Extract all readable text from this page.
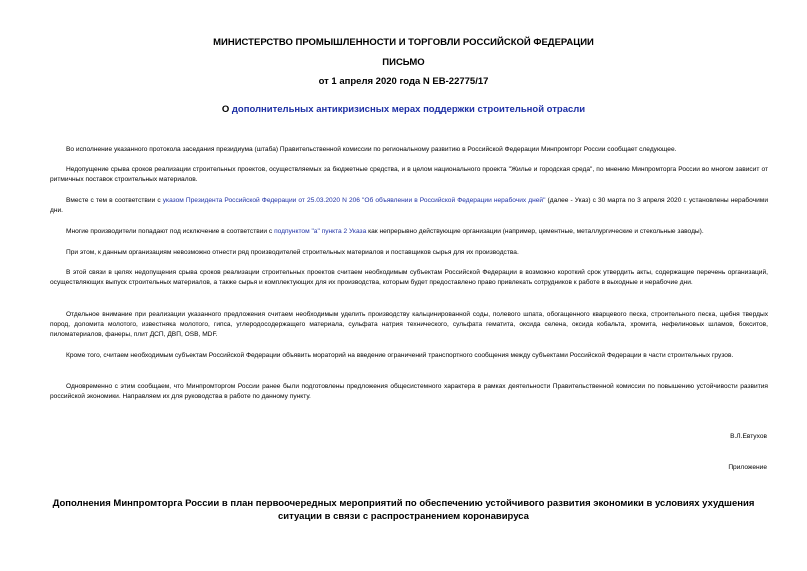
МИНИСТЕРСТВО ПРОМЫШЛЕННОСТИ И ТОРГОВЛИ РОССИЙСКОЙ ФЕДЕРАЦИИ
ПИСЬМО
от 1 апреля 2020 года N ЕВ-22775/17
О дополнительных антикризисных мерах поддержки строительной отрасли
Во исполнение указанного протокола заседания президиума (штаба) Правительственной комиссии по региональному развитию в Российской Федерации Минпромторг России сообщает следующее.
Недопущение срыва сроков реализации строительных проектов, осуществляемых за бюджетные средства, и в целом национального проекта "Жилье и городская среда", по мнению Минпромторга России во многом зависит от ритмичных поставок строительных материалов.
Вместе с тем в соответствии с указом Президента Российской Федерации от 25.03.2020 N 206 "Об объявлении в Российской Федерации нерабочих дней" (далее - Указ) с 30 марта по 3 апреля 2020 г. установлены нерабочими дни.
Многие производители попадают под исключение в соответствии с подпунктом "а" пункта 2 Указа как непрерывно действующие организации (например, цементные, металлургические и стекольные заводы).
При этом, к данным организациям невозможно отнести ряд производителей строительных материалов и поставщиков сырья для их производства.
В этой связи в целях недопущения срыва сроков реализации строительных проектов считаем необходимым субъектам Российской Федерации в возможно короткий срок утвердить акты, содержащие перечень организаций, осуществляющих выпуск строительных материалов, а также сырья и комплектующих для их производства, которым будет предоставлено право привлекать сотрудников к работе в выходные и нерабочие дни.
Отдельное внимание при реализации указанного предложения считаем необходимым уделить производству кальцинированной соды, полевого шпата, обогащенного кварцевого песка, строительного песка, щебня твердых пород, доломита молотого, известняка молотого, гипса, углеродосодержащего материала, сульфата натрия технического, сульфата гематита, оксида селена, оксида кобальта, хромита, нефелиновых шламов, бокситов, пиломатериалов, фанеры, плит ДСП, ДВП, OSB, MDF.
Кроме того, считаем необходимым субъектам Российской Федерации объявить мораторий на введение ограничений транспортного сообщения между субъектами Российской Федерации в части строительных грузов.
Одновременно с этим сообщаем, что Минпромторгом России ранее были подготовлены предложения общесистемного характера в рамках деятельности Правительственной комиссии по повышению устойчивости развития российской экономики. Направляем их для руководства в работе по данному пункту.
В.Л.Евтухов
Приложение
Дополнения Минпромторга России в план первоочередных мероприятий по обеспечению устойчивого развития экономики в условиях ухудшения ситуации в связи с распространением коронавируса
